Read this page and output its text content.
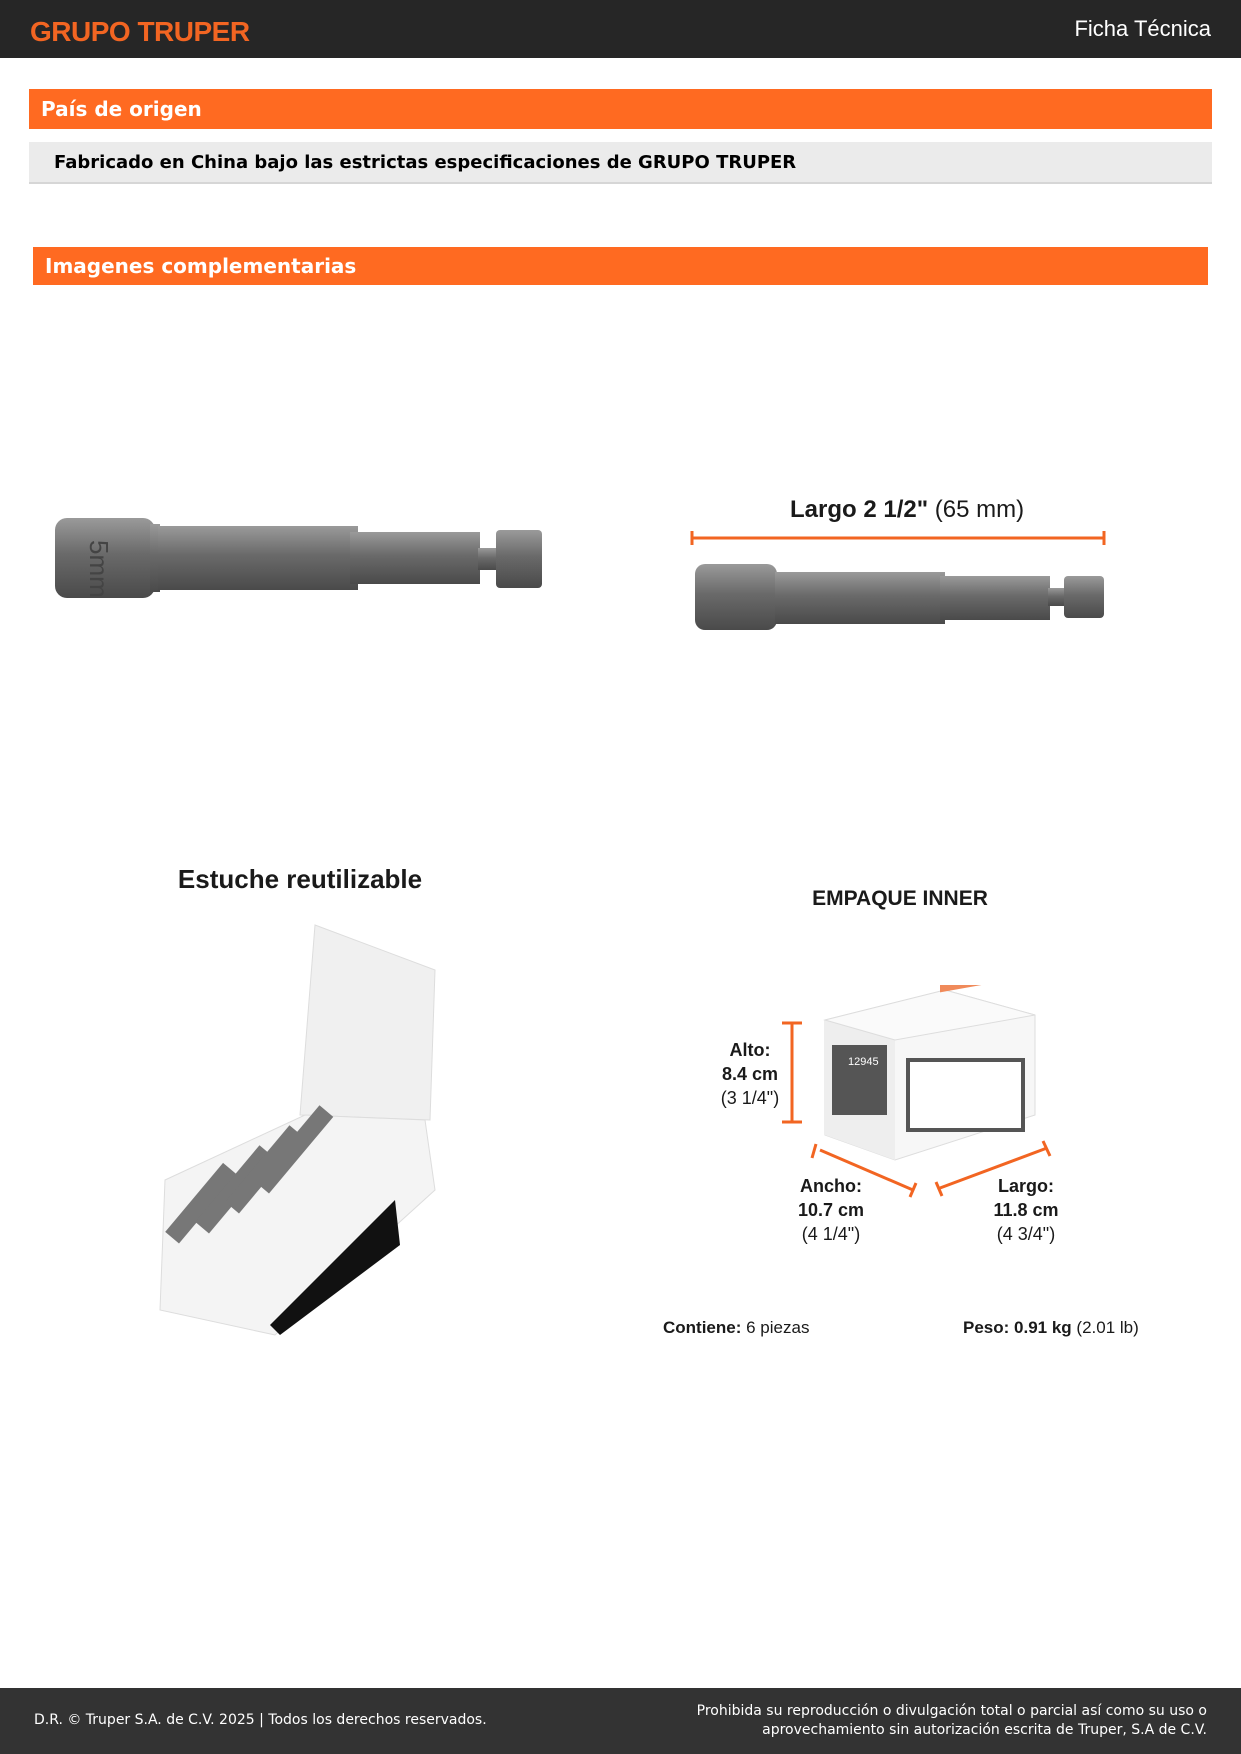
GRUPO TRUPER	Ficha Técnica
País de origen
Fabricado en China bajo las estrictas especificaciones de GRUPO TRUPER
Imagenes complementarias
5mm
Largo 2 1/2" (65 mm)
Estuche reutilizable
EMPAQUE INNER
12945
Alto:
8.4 cm
(3 1/4")
Ancho:
10.7 cm
(4 1/4")
Largo:
11.8 cm
(4 3/4")
Contiene: 6 piezas	Peso: 0.91 kg (2.01 lb)
D.R. © Truper S.A. de C.V. 2025 | Todos los derechos reservados.
Prohibida su reproducción o divulgación total o parcial así como su uso o
aprovechamiento sin autorización escrita de Truper, S.A de C.V.
